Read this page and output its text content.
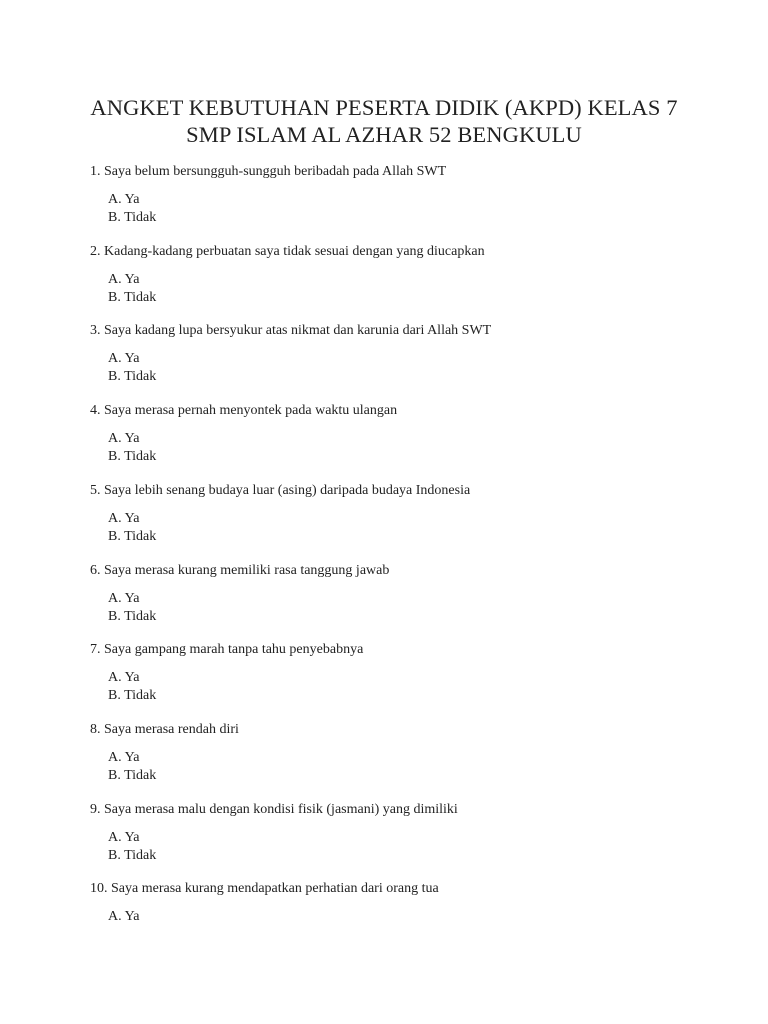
ANGKET KEBUTUHAN PESERTA DIDIK (AKPD) KELAS 7
SMP ISLAM AL AZHAR 52 BENGKULU
1. Saya belum bersungguh-sungguh beribadah pada Allah SWT
A. Ya
B. Tidak
2. Kadang-kadang perbuatan saya tidak sesuai dengan yang diucapkan
A. Ya
B. Tidak
3. Saya kadang lupa bersyukur atas nikmat dan karunia dari Allah SWT
A. Ya
B. Tidak
4. Saya merasa pernah menyontek pada waktu ulangan
A. Ya
B. Tidak
5. Saya lebih senang budaya luar (asing) daripada budaya Indonesia
A. Ya
B. Tidak
6. Saya merasa kurang memiliki rasa tanggung jawab
A. Ya
B. Tidak
7. Saya gampang marah tanpa tahu penyebabnya
A. Ya
B. Tidak
8. Saya merasa rendah diri
A. Ya
B. Tidak
9. Saya merasa malu dengan kondisi fisik (jasmani) yang dimiliki
A. Ya
B. Tidak
10. Saya merasa kurang mendapatkan perhatian dari orang tua
A. Ya
